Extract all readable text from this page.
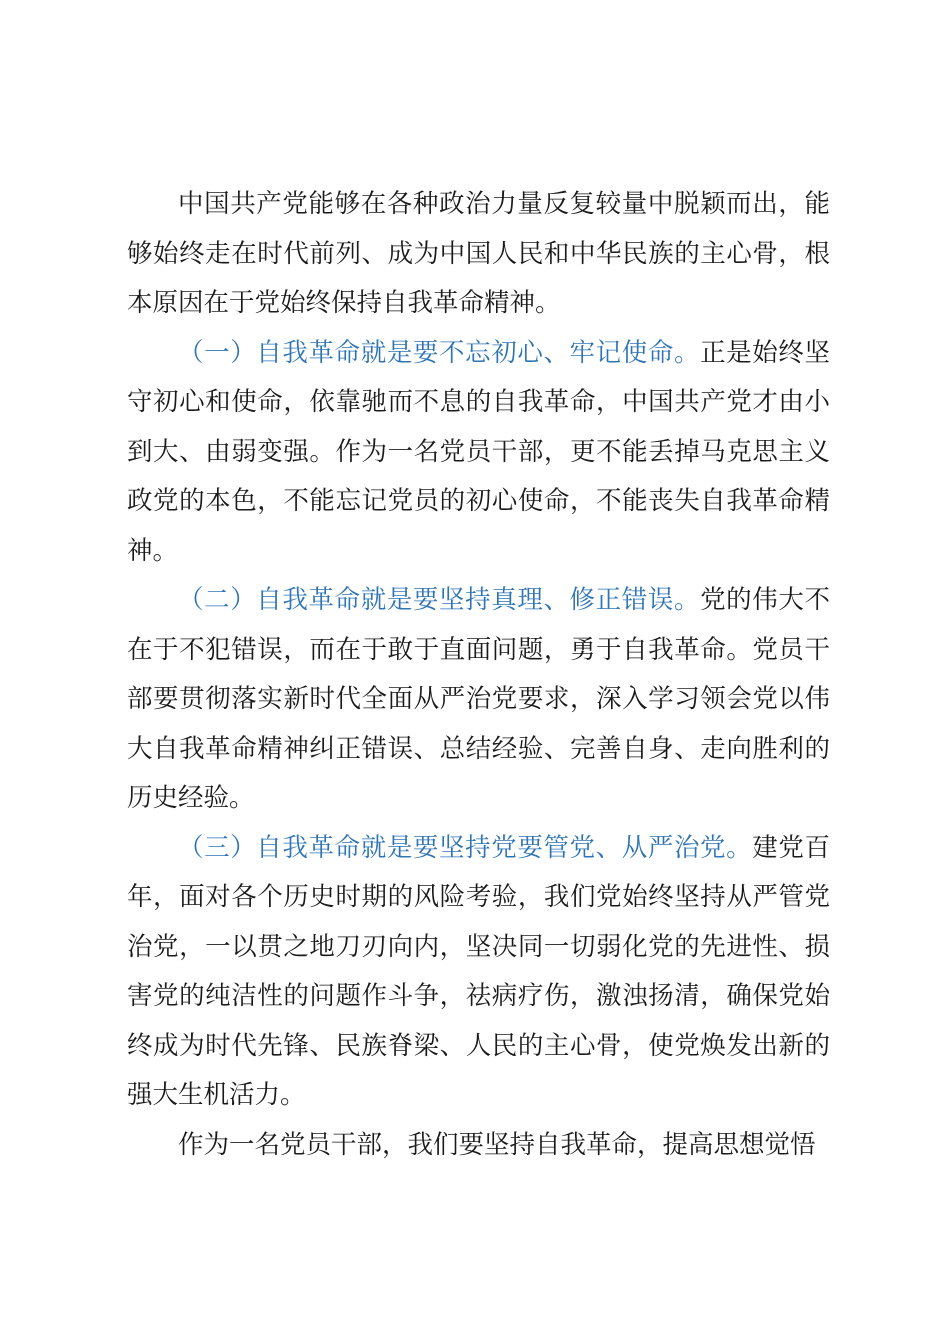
中国共产党能够在各种政治力量反复较量中脱颖而出，能够始终走在时代前列、成为中国人民和中华民族的主心骨，根本原因在于党始终保持自我革命精神。

（一）自我革命就是要不忘初心、牢记使命。正是始终坚守初心和使命，依靠驰而不息的自我革命，中国共产党才由小到大、由弱变强。作为一名党员干部，更不能丢掉马克思主义政党的本色，不能忘记党员的初心使命，不能丧失自我革命精神。

（二）自我革命就是要坚持真理、修正错误。党的伟大不在于不犯错误，而在于敢于直面问题，勇于自我革命。党员干部要贯彻落实新时代全面从严治党要求，深入学习领会党以伟大自我革命精神纠正错误、总结经验、完善自身、走向胜利的历史经验。

（三）自我革命就是要坚持党要管党、从严治党。建党百年，面对各个历史时期的风险考验，我们党始终坚持从严管党治党，一以贯之地刀刃向内，坚决同一切弱化党的先进性、损害党的纯洁性的问题作斗争，祛病疗伤，激浊扬清，确保党始终成为时代先锋、民族脊梁、人民的主心骨，使党焕发出新的强大生机活力。

作为一名党员干部，我们要坚持自我革命，提高思想觉悟
